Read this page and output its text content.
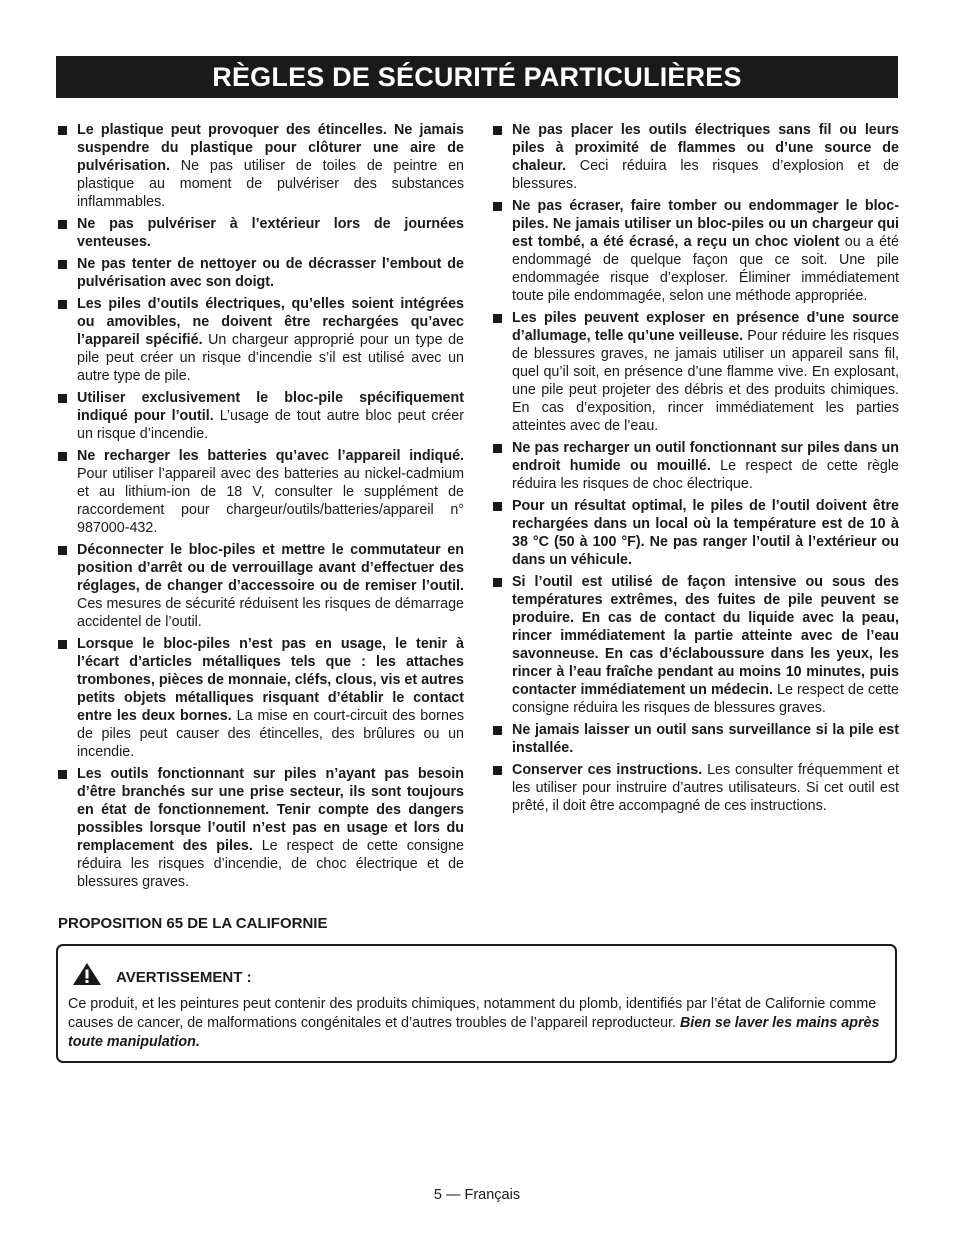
RÈGLES DE SÉCURITÉ PARTICULIÈRES
Le plastique peut provoquer des étincelles. Ne jamais suspendre du plastique pour clôturer une aire de pulvérisation. Ne pas utiliser de toiles de peintre en plastique au moment de pulvériser des substances inflammables.
Ne pas pulvériser à l’extérieur lors de journées venteuses.
Ne pas tenter de nettoyer ou de décrasser l’embout de pulvérisation avec son doigt.
Les piles d’outils électriques, qu’elles soient intégrées ou amovibles, ne doivent être rechargées qu’avec l’appareil spécifié. Un chargeur approprié pour un type de pile peut créer un risque d’incendie s’il est utilisé avec un autre type de pile.
Utiliser exclusivement le bloc-pile spécifiquement indiqué pour l’outil. L’usage de tout autre bloc peut créer un risque d’incendie.
Ne recharger les batteries qu’avec l’appareil indiqué. Pour utiliser l’appareil avec des batteries au nickel-cadmium et au lithium-ion de 18 V, consulter le supplément de raccordement pour chargeur/outils/batteries/appareil n° 987000-432.
Déconnecter le bloc-piles et mettre le commutateur en position d’arrêt ou de verrouillage avant d’effectuer des réglages, de changer d’accessoire ou de remiser l’outil. Ces mesures de sécurité réduisent les risques de démarrage accidentel de l’outil.
Lorsque le bloc-piles n’est pas en usage, le tenir à l’écart d’articles métalliques tels que : les attaches trombones, pièces de monnaie, cléfs, clous, vis et autres petits objets métalliques risquant d’établir le contact entre les deux bornes. La mise en court-circuit des bornes de piles peut causer des étincelles, des brûlures ou un incendie.
Les outils fonctionnant sur piles n’ayant pas besoin d’être branchés sur une prise secteur, ils sont toujours en état de fonctionnement. Tenir compte des dangers possibles lorsque l’outil n’est pas en usage et lors du remplacement des piles. Le respect de cette consigne réduira les risques d’incendie, de choc électrique et de blessures graves.
Ne pas placer les outils électriques sans fil ou leurs piles à proximité de flammes ou d’une source de chaleur. Ceci réduira les risques d’explosion et de blessures.
Ne pas écraser, faire tomber ou endommager le bloc-piles. Ne jamais utiliser un bloc-piles ou un chargeur qui est tombé, a été écrasé, a reçu un choc violent ou a été endommagé de quelque façon que ce soit. Une pile endommagée risque d’exploser. Éliminer immédiatement toute pile endommagée, selon une méthode appropriée.
Les piles peuvent exploser en présence d’une source d’allumage, telle qu’une veilleuse. Pour réduire les risques de blessures graves, ne jamais utiliser un appareil sans fil, quel qu’il soit, en présence d’une flamme vive. En explosant, une pile peut projeter des débris et des produits chimiques. En cas d’exposition, rincer immédiatement les parties atteintes avec de l’eau.
Ne pas recharger un outil fonctionnant sur piles dans un endroit humide ou mouillé. Le respect de cette règle réduira les risques de choc électrique.
Pour un résultat optimal, le piles de l’outil doivent être rechargées dans un local où la température est de 10 à 38 °C (50 à 100 °F). Ne pas ranger l’outil à l’extérieur ou dans un véhicule.
Si l’outil est utilisé de façon intensive ou sous des températures extrêmes, des fuites de pile peuvent se produire. En cas de contact du liquide avec la peau, rincer immédiatement la partie atteinte avec de l’eau savonneuse. En cas d’éclaboussure dans les yeux, les rincer à l’eau fraîche pendant au moins 10 minutes, puis contacter immédiatement un médecin. Le respect de cette consigne réduira les risques de blessures graves.
Ne jamais laisser un outil sans surveillance si la pile est installée.
Conserver ces instructions. Les consulter fréquemment et les utiliser pour instruire d’autres utilisateurs. Si cet outil est prêté, il doit être accompagné de ces instructions.
PROPOSITION 65 DE LA CALIFORNIE
AVERTISSEMENT :
Ce produit, et les peintures peut contenir des produits chimiques, notamment du plomb, identifiés par l’état de Californie comme causes de cancer, de malformations congénitales et d’autres troubles de l’appareil reproducteur. Bien se laver les mains après toute manipulation.
5 — Français
